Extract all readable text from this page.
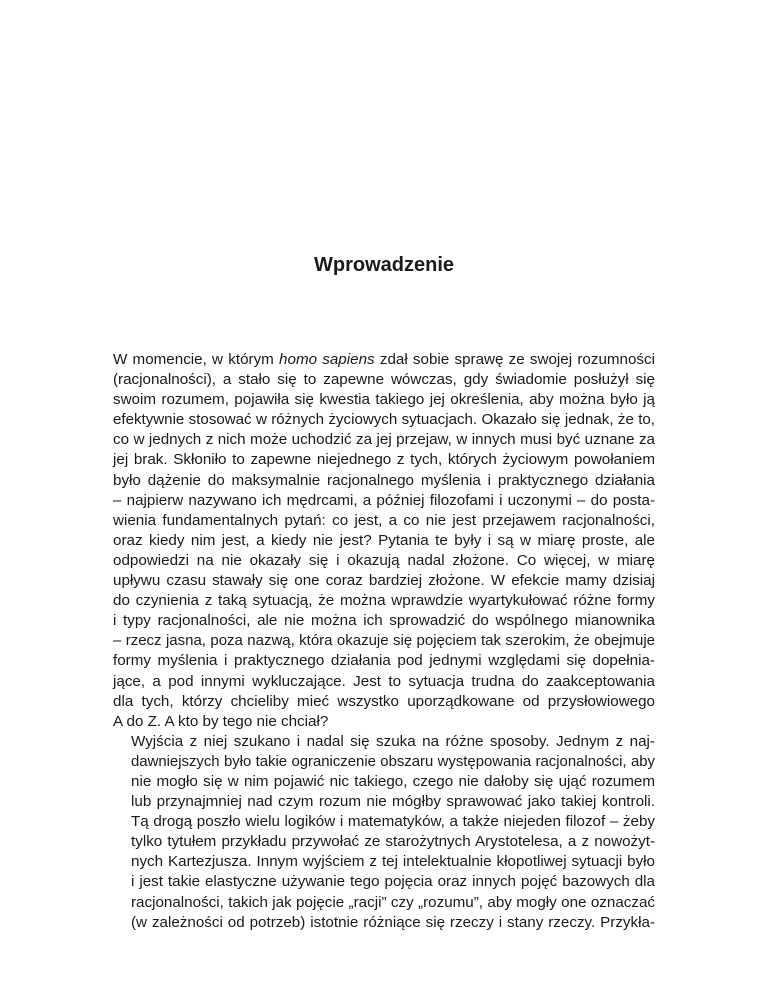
Wprowadzenie

W momencie, w którym homo sapiens zdał sobie sprawę ze swojej rozumności
(racjonalności), a stało się to zapewne wówczas, gdy świadomie posłużył się
swoim rozumem, pojawiła się kwestia takiego jej określenia, aby można było ją
efektywnie stosować w różnych życiowych sytuacjach. Okazało się jednak, że to,
co w jednych z nich może uchodzić za jej przejaw, w innych musi być uznane za
jej brak. Skłoniło to zapewne niejednego z tych, których życiowym powołaniem
było dążenie do maksymalnie racjonalnego myślenia i praktycznego działania
– najpierw nazywano ich mędrcami, a później filozofami i uczonymi – do posta-
wienia fundamentalnych pytań: co jest, a co nie jest przejawem racjonalności,
oraz kiedy nim jest, a kiedy nie jest? Pytania te były i są w miarę proste, ale
odpowiedzi na nie okazały się i okazują nadal złożone. Co więcej, w miarę
upływu czasu stawały się one coraz bardziej złożone. W efekcie mamy dzisiaj
do czynienia z taką sytuacją, że można wprawdzie wyartykułować różne formy
i typy racjonalności, ale nie można ich sprowadzić do wspólnego mianownika
– rzecz jasna, poza nazwą, która okazuje się pojęciem tak szerokim, że obejmuje
formy myślenia i praktycznego działania pod jednymi względami się dopełnia-
jące, a pod innymi wykluczające. Jest to sytuacja trudna do zaakceptowania
dla tych, którzy chcieliby mieć wszystko uporządkowane od przysłowiowego
A do Z. A kto by tego nie chciał?

Wyjścia z niej szukano i nadal się szuka na różne sposoby. Jednym z naj-
dawniejszych było takie ograniczenie obszaru występowania racjonalności, aby
nie mogło się w nim pojawić nic takiego, czego nie dałoby się ująć rozumem
lub przynajmniej nad czym rozum nie mógłby sprawować jako takiej kontroli.
Tą drogą poszło wielu logików i matematyków, a także niejeden filozof – żeby
tylko tytułem przykładu przywołać ze starożytnych Arystotelesa, a z nowożyt-
nych Kartezjusza. Innym wyjściem z tej intelektualnie kłopotliwej sytuacji było
i jest takie elastyczne używanie tego pojęcia oraz innych pojęć bazowych dla
racjonalności, takich jak pojęcie „racji” czy „rozumu”, aby mogły one oznaczać
(w zależności od potrzeb) istotnie różniące się rzeczy i stany rzeczy. Przykła-
